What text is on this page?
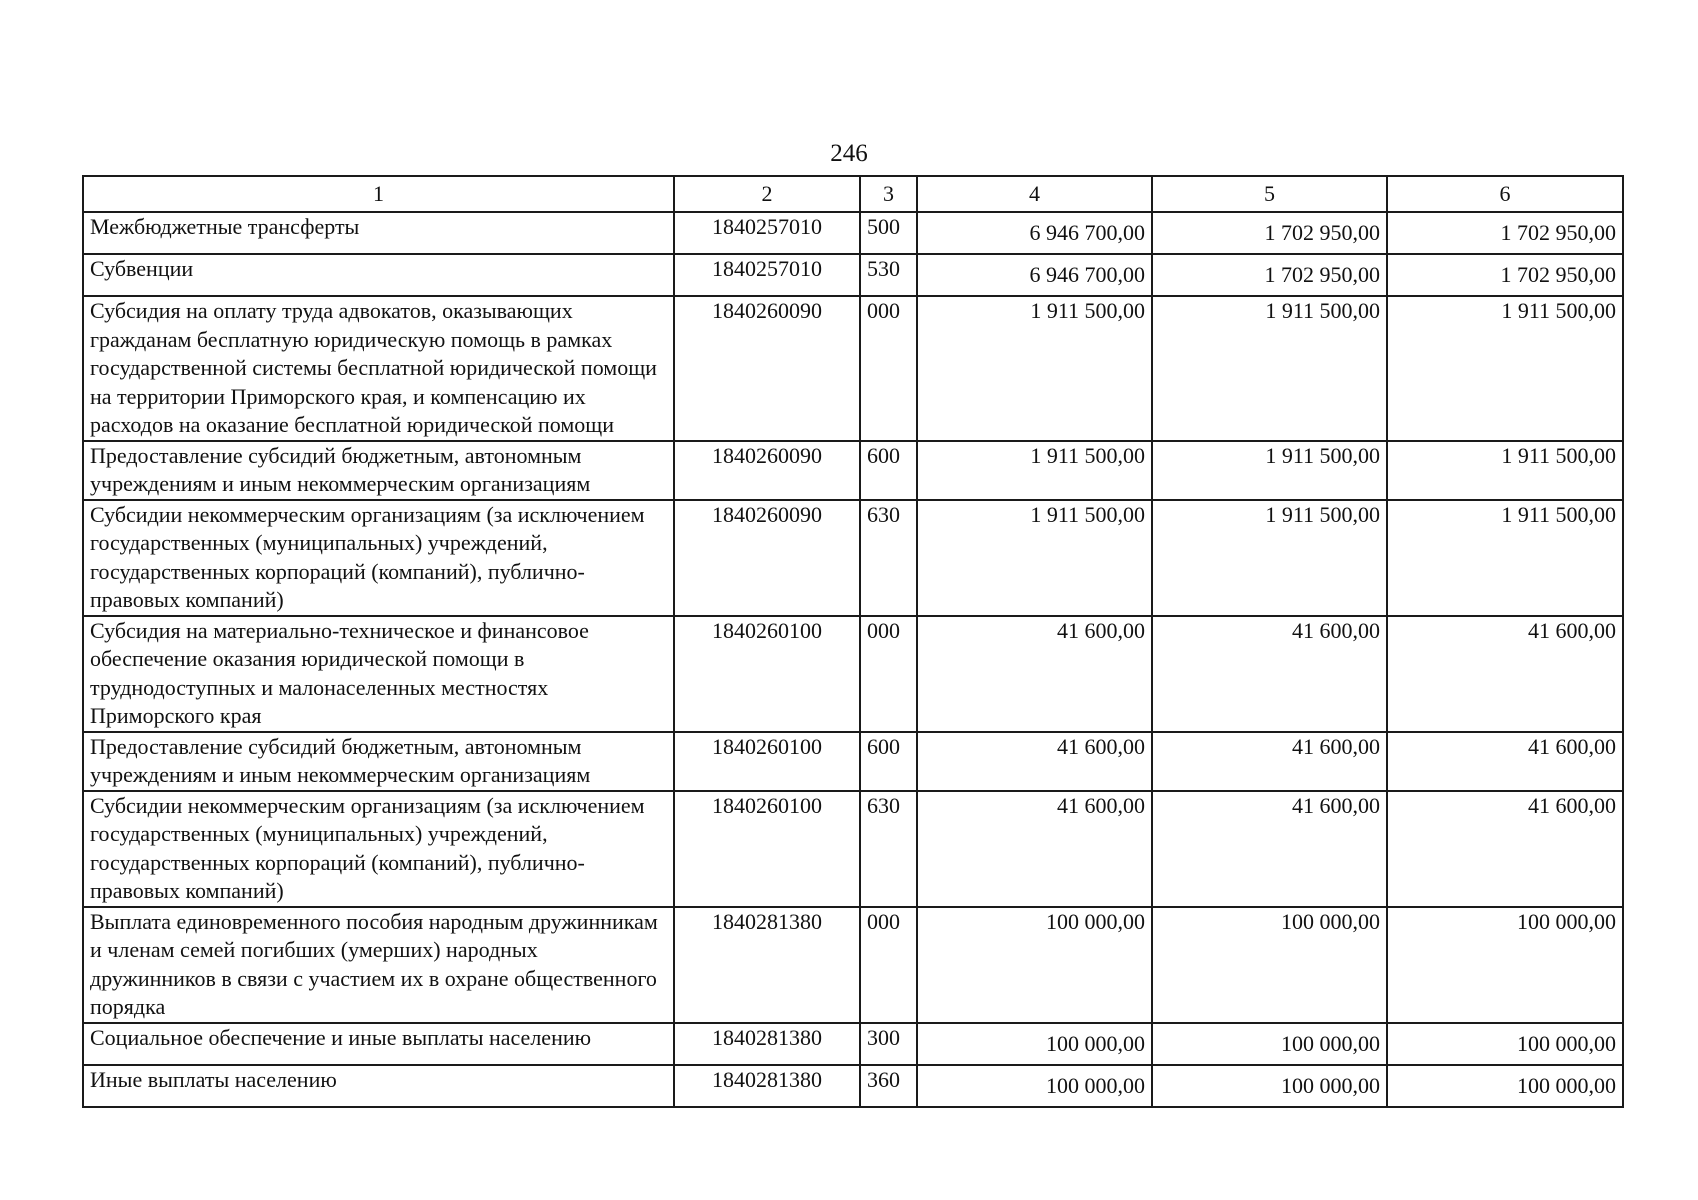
246
1	2	3	4	5	6
Межбюджетные трансферты	1840257010	500	6 946 700,00	1 702 950,00	1 702 950,00
Субвенции	1840257010	530	6 946 700,00	1 702 950,00	1 702 950,00
Субсидия на оплату труда адвокатов, оказывающих гражданам бесплатную юридическую помощь в рамках государственной системы бесплатной юридической помощи на территории Приморского края, и компенсацию их расходов на оказание бесплатной юридической помощи	1840260090	000	1 911 500,00	1 911 500,00	1 911 500,00
Предоставление субсидий бюджетным, автономным учреждениям и иным некоммерческим организациям	1840260090	600	1 911 500,00	1 911 500,00	1 911 500,00
Субсидии некоммерческим организациям (за исключением государственных (муниципальных) учреждений, государственных корпораций (компаний), публично-правовых компаний)	1840260090	630	1 911 500,00	1 911 500,00	1 911 500,00
Субсидия на материально-техническое и финансовое обеспечение оказания юридической помощи в труднодоступных и малонаселенных местностях Приморского края	1840260100	000	41 600,00	41 600,00	41 600,00
Предоставление субсидий бюджетным, автономным учреждениям и иным некоммерческим организациям	1840260100	600	41 600,00	41 600,00	41 600,00
Субсидии некоммерческим организациям (за исключением государственных (муниципальных) учреждений, государственных корпораций (компаний), публично-правовых компаний)	1840260100	630	41 600,00	41 600,00	41 600,00
Выплата единовременного пособия народным дружинникам и членам семей погибших (умерших) народных дружинников в связи с участием их в охране общественного порядка	1840281380	000	100 000,00	100 000,00	100 000,00
Социальное обеспечение и иные выплаты населению	1840281380	300	100 000,00	100 000,00	100 000,00
Иные выплаты населению	1840281380	360	100 000,00	100 000,00	100 000,00
